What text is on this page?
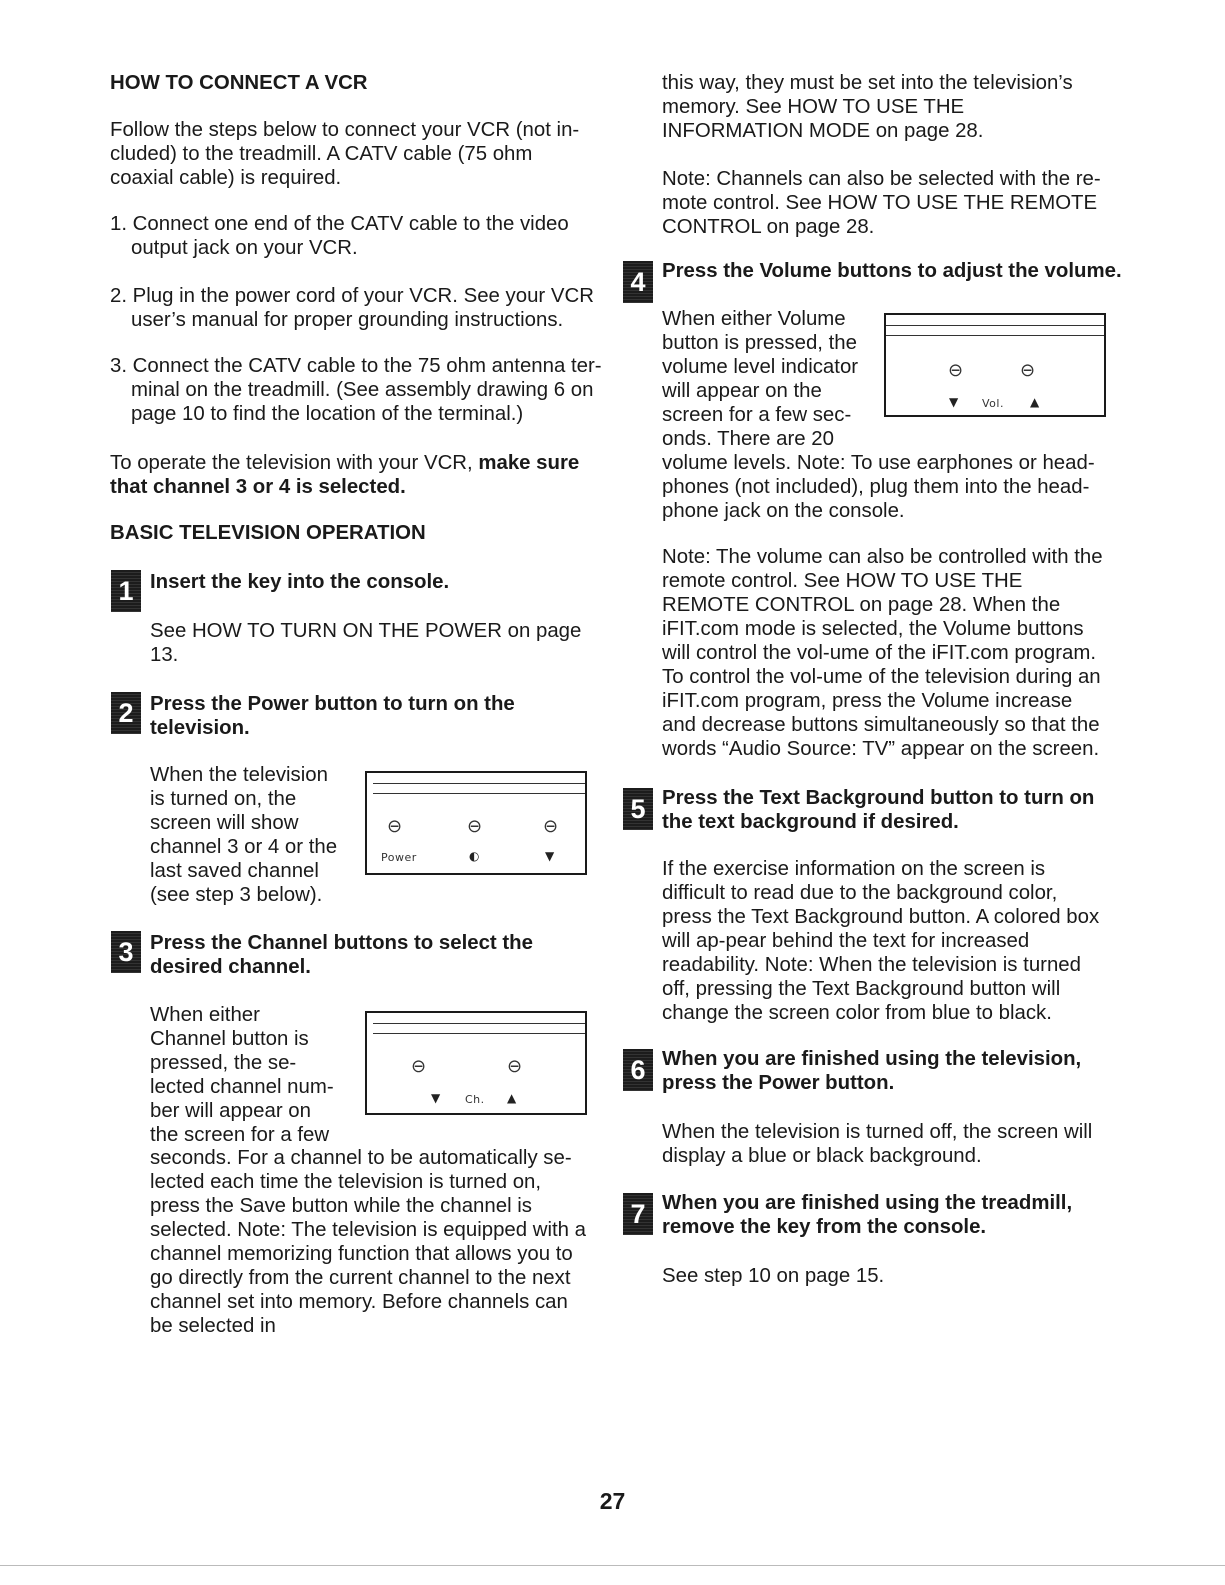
HOW TO CONNECT A VCR

Follow the steps below to connect your VCR (not in-cluded) to the treadmill. A CATV cable (75 ohm coaxial cable) is required.

1. Connect one end of the CATV cable to the video output jack on your VCR.

2. Plug in the power cord of your VCR. See your VCR user’s manual for proper grounding instructions.

3. Connect the CATV cable to the 75 ohm antenna ter-minal on the treadmill. (See assembly drawing 6 on page 10 to find the location of the terminal.)

To operate the television with your VCR, make sure that channel 3 or 4 is selected.

BASIC TELEVISION OPERATION
1 Insert the key into the console.

See HOW TO TURN ON THE POWER on page 13.

2 Press the Power button to turn on the
television.

When the television is turned on, the screen will show channel 3 or 4 or the last saved channel (see step 3 below).

⊖	⊖	⊖
Power	◐	▼
3 Press the Channel buttons to select the
desired channel.

When either Channel button is pressed, the se-lected channel num-ber will appear on the screen for a few

⊖	⊖
▼ Ch. ▲

seconds. For a channel to be automatically se-lected each time the television is turned on, press the Save button while the channel is selected. Note: The television is equipped with a channel memorizing function that allows you to go directly from the current channel to the next channel set into memory. Before channels can be selected in

this way, they must be set into the television’s memory. See HOW TO USE THE INFORMATION MODE on page 28.

Note: Channels can also be selected with the re-mote control. See HOW TO USE THE REMOTE CONTROL on page 28.

4 Press the Volume buttons to adjust the volume.

When either Volume button is pressed, the volume level indicator will appear on the screen for a few sec-onds. There are 20

⊖	⊖
▼ Vol. ▲

volume levels. Note: To use earphones or head-phones (not included), plug them into the head-phone jack on the console.

Note: The volume can also be controlled with the remote control. See HOW TO USE THE REMOTE CONTROL on page 28. When the iFIT.com mode is selected, the Volume buttons will control the vol-ume of the iFIT.com program. To control the vol-ume of the television during an iFIT.com program, press the Volume increase and decrease buttons simultaneously so that the words “Audio Source: TV” appear on the screen.

5 Press the Text Background button to turn on
the text background if desired.

If the exercise information on the screen is difficult to read due to the background color, press the Text Background button. A colored box will ap-pear behind the text for increased readability. Note: When the television is turned off, pressing the Text Background button will change the screen color from blue to black.

6 When you are finished using the television,
press the Power button.

When the television is turned off, the screen will display a blue or black background.

7 When you are finished using the treadmill,
remove the key from the console.

See step 10 on page 15.

27
